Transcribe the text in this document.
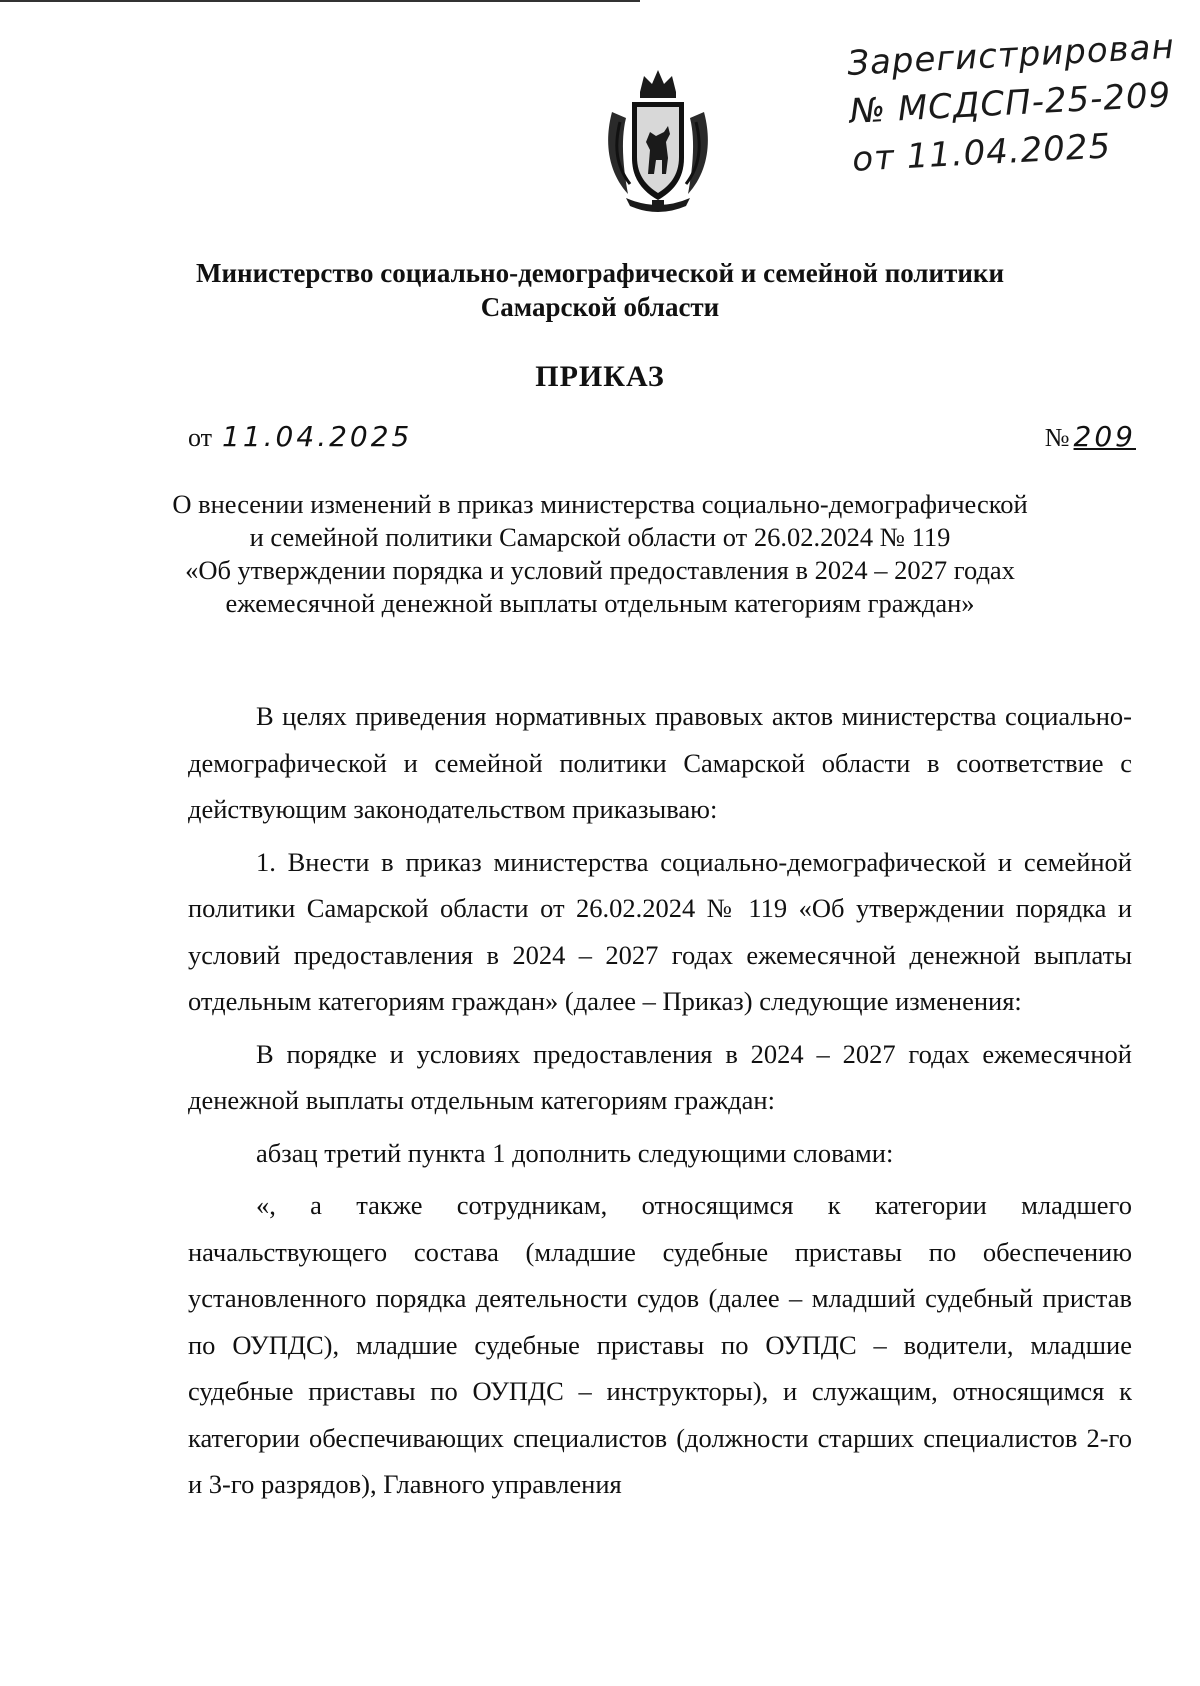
Зарегистрирован
№ МСДСП-25-209
от 11.04.2025
Министерство социально-демографической и семейной политики
Самарской области
ПРИКАЗ
от 11.04.2025	№ 209
О внесении изменений в приказ министерства социально-демографической
и семейной политики Самарской области от 26.02.2024 № 119
«Об утверждении порядка и условий предоставления в 2024 – 2027 годах
ежемесячной денежной выплаты отдельным категориям граждан»

В целях приведения нормативных правовых актов министерства социально-демографической и семейной политики Самарской области в соответствие с действующим законодательством приказываю:

1. Внести в приказ министерства социально-демографической и семейной политики Самарской области от 26.02.2024 № 119 «Об утверждении порядка и условий предоставления в 2024 – 2027 годах ежемесячной денежной выплаты отдельным категориям граждан» (далее – Приказ) следующие изменения:

В порядке и условиях предоставления в 2024 – 2027 годах ежемесячной денежной выплаты отдельным категориям граждан:

абзац третий пункта 1 дополнить следующими словами:

«, а также сотрудникам, относящимся к категории младшего начальствующего состава (младшие судебные приставы по обеспечению установленного порядка деятельности судов (далее – младший судебный пристав по ОУПДС), младшие судебные приставы по ОУПДС – водители, младшие судебные приставы по ОУПДС – инструкторы), и служащим, относящимся к категории обеспечивающих специалистов (должности старших специалистов 2-го и 3-го разрядов), Главного управления
